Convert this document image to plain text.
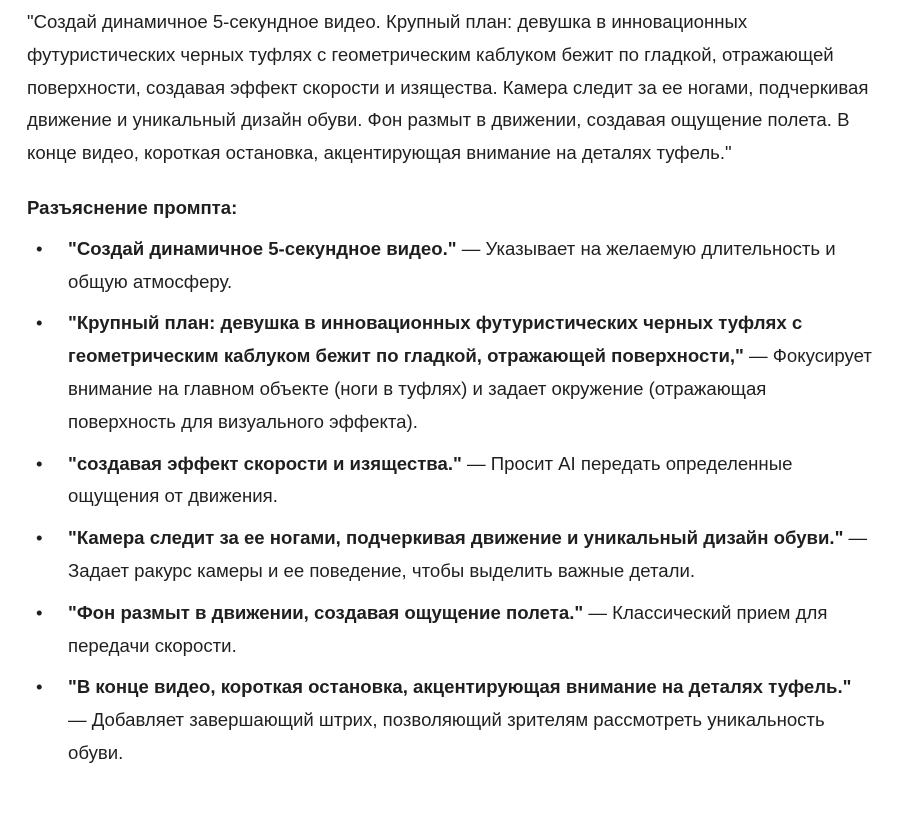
"Создай динамичное 5-секундное видео. Крупный план: девушка в инновационных футуристических черных туфлях с геометрическим каблуком бежит по гладкой, отражающей поверхности, создавая эффект скорости и изящества. Камера следит за ее ногами, подчеркивая движение и уникальный дизайн обуви. Фон размыт в движении, создавая ощущение полета. В конце видео, короткая остановка, акцентирующая внимание на деталях туфель."

Разъяснение промпта:
• "Создай динамичное 5-секундное видео." — Указывает на желаемую длительность и общую атмосферу.
• "Крупный план: девушка в инновационных футуристических черных туфлях с геометрическим каблуком бежит по гладкой, отражающей поверхности," — Фокусирует внимание на главном объекте (ноги в туфлях) и задает окружение (отражающая поверхность для визуального эффекта).
• "создавая эффект скорости и изящества." — Просит AI передать определенные ощущения от движения.
• "Камера следит за ее ногами, подчеркивая движение и уникальный дизайн обуви." — Задает ракурс камеры и ее поведение, чтобы выделить важные детали.
• "Фон размыт в движении, создавая ощущение полета." — Классический прием для передачи скорости.
• "В конце видео, короткая остановка, акцентирующая внимание на деталях туфель." — Добавляет завершающий штрих, позволяющий зрителям рассмотреть уникальность обуви.
